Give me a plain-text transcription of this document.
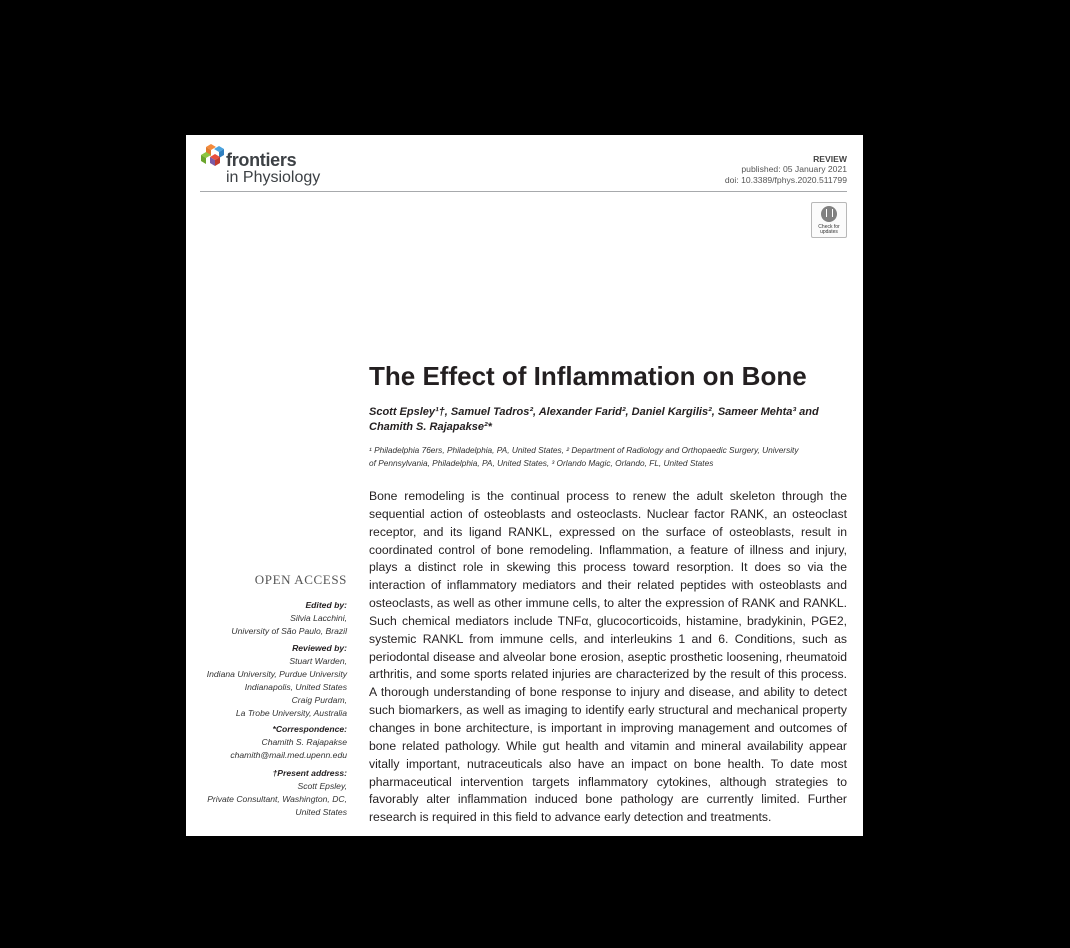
frontiers
in Physiology
REVIEW
published: 05 January 2021
doi: 10.3389/fphys.2020.511799
Check for
updates
The Effect of Inflammation on Bone
Scott Epsley¹†, Samuel Tadros², Alexander Farid², Daniel Kargilis², Sameer Mehta³ and
Chamith S. Rajapakse²*
¹ Philadelphia 76ers, Philadelphia, PA, United States, ² Department of Radiology and Orthopaedic Surgery, University
of Pennsylvania, Philadelphia, PA, United States, ³ Orlando Magic, Orlando, FL, United States
Bone remodeling is the continual process to renew the adult skeleton through the sequential action of osteoblasts and osteoclasts. Nuclear factor RANK, an osteoclast receptor, and its ligand RANKL, expressed on the surface of osteoblasts, result in coordinated control of bone remodeling. Inflammation, a feature of illness and injury, plays a distinct role in skewing this process toward resorption. It does so via the interaction of inflammatory mediators and their related peptides with osteoblasts and osteoclasts, as well as other immune cells, to alter the expression of RANK and RANKL. Such chemical mediators include TNFα, glucocorticoids, histamine, bradykinin, PGE2, systemic RANKL from immune cells, and interleukins 1 and 6. Conditions, such as periodontal disease and alveolar bone erosion, aseptic prosthetic loosening, rheumatoid arthritis, and some sports related injuries are characterized by the result of this process. A thorough understanding of bone response to injury and disease, and ability to detect such biomarkers, as well as imaging to identify early structural and mechanical property changes in bone architecture, is important in improving management and outcomes of bone related pathology. While gut health and vitamin and mineral availability appear vitally important, nutraceuticals also have an impact on bone health. To date most pharmaceutical intervention targets inflammatory cytokines, although strategies to favorably alter inflammation induced bone pathology are currently limited. Further research is required in this field to advance early detection and treatments.
OPEN ACCESS
Edited by:
Silvia Lacchini,
University of São Paulo, Brazil
Reviewed by:
Stuart Warden,
Indiana University, Purdue University
Indianapolis, United States
Craig Purdam,
La Trobe University, Australia
*Correspondence:
Chamith S. Rajapakse
chamith@mail.med.upenn.edu
†Present address:
Scott Epsley,
Private Consultant, Washington, DC,
United States
